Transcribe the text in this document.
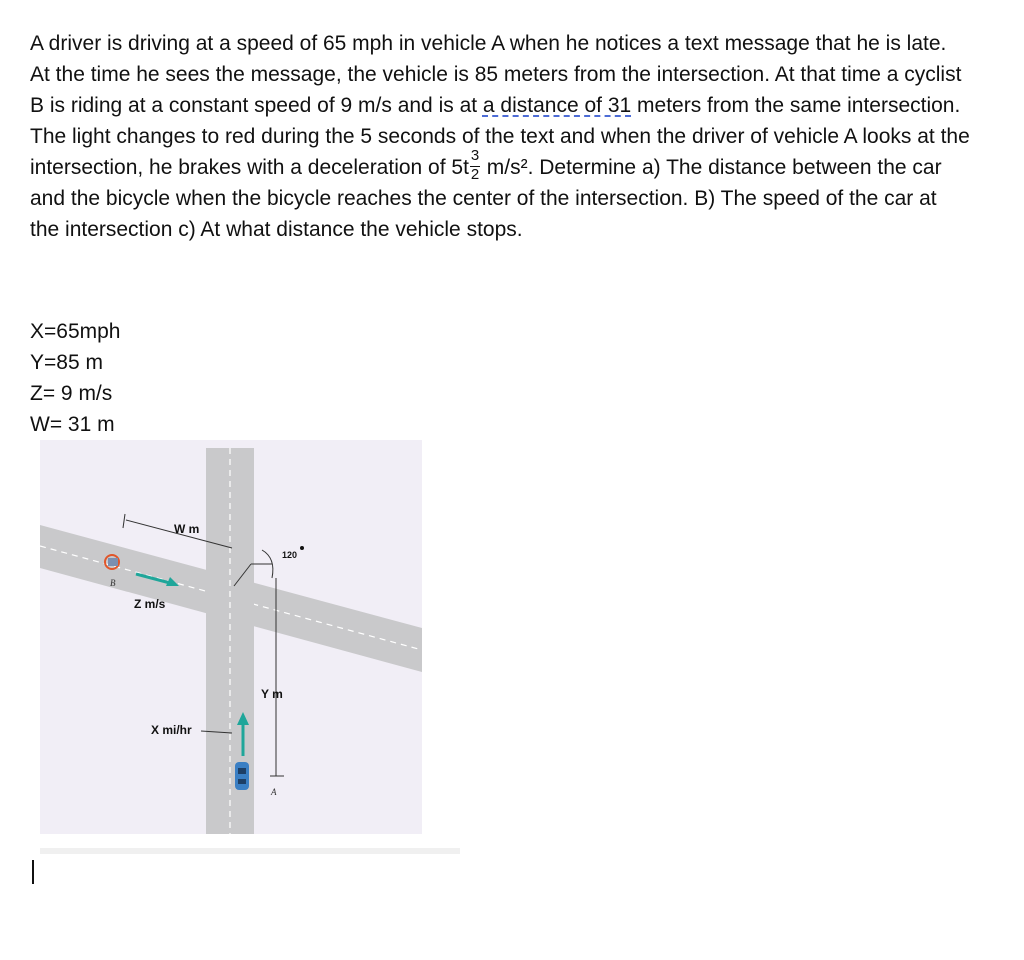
A driver is driving at a speed of 65 mph in vehicle A when he notices a text message that he is late. At the time he sees the message, the vehicle is 85 meters from the intersection. At that time a cyclist B is riding at a constant speed of 9 m/s and is at a distance of 31 meters from the same intersection. The light changes to red during the 5 seconds of the text and when the driver of vehicle A looks at the intersection, he brakes with a deceleration of $5t \frac{3}{2} m/s^2$. Determine a) The distance between the car and the bicycle when the bicycle reaches the center of the intersection. B) The speed of the car at the intersection c) At what distance the vehicle stops.

X=65mph
Y=85 m
Z= 9 m/s
W= 31 m
W m
120
B
Z m/s
Y m
X mi/hr
A
